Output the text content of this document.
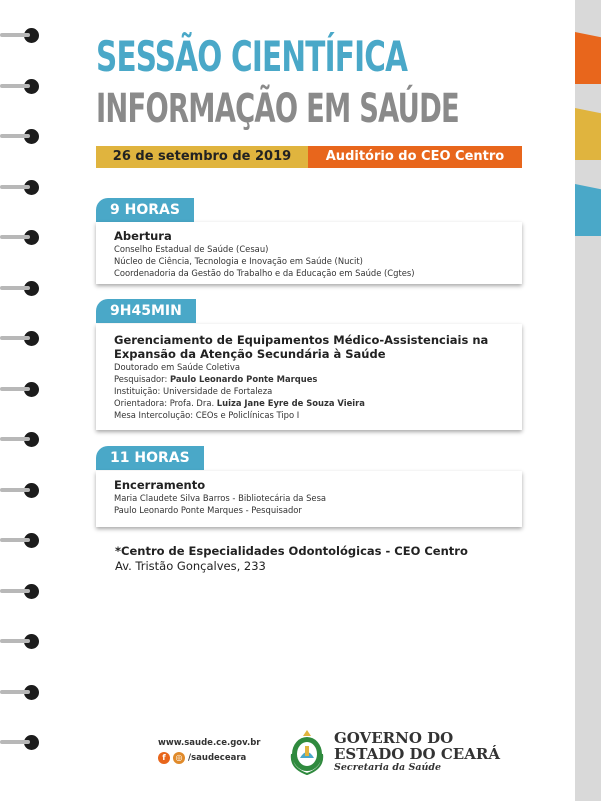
SESSÃO CIENTÍFICA
INFORMAÇÃO EM SAÚDE
26 de setembro de 2019	Auditório do CEO Centro
9 HORAS
Abertura
Conselho Estadual de Saúde (Cesau)
Núcleo de Ciência, Tecnologia e Inovação em Saúde (Nucit)
Coordenadoria da Gestão do Trabalho e da Educação em Saúde (Cgtes)
9H45MIN
Gerenciamento de Equipamentos Médico-Assistenciais na Expansão da Atenção Secundária à Saúde
Doutorado em Saúde Coletiva
Pesquisador: Paulo Leonardo Ponte Marques
Instituição: Universidade de Fortaleza
Orientadora: Profa. Dra. Luiza Jane Eyre de Souza Vieira
Mesa Intercolução: CEOs e Policlínicas Tipo I
11 HORAS
Encerramento
Maria Claudete Silva Barros - Bibliotecária da Sesa
Paulo Leonardo Ponte Marques - Pesquisador
*Centro de Especialidades Odontológicas - CEO Centro
Av. Tristão Gonçalves, 233
www.saude.ce.gov.br
f	◎ /saudeceara
GOVERNO DO
ESTADO DO CEARÁ
Secretaria da Saúde
